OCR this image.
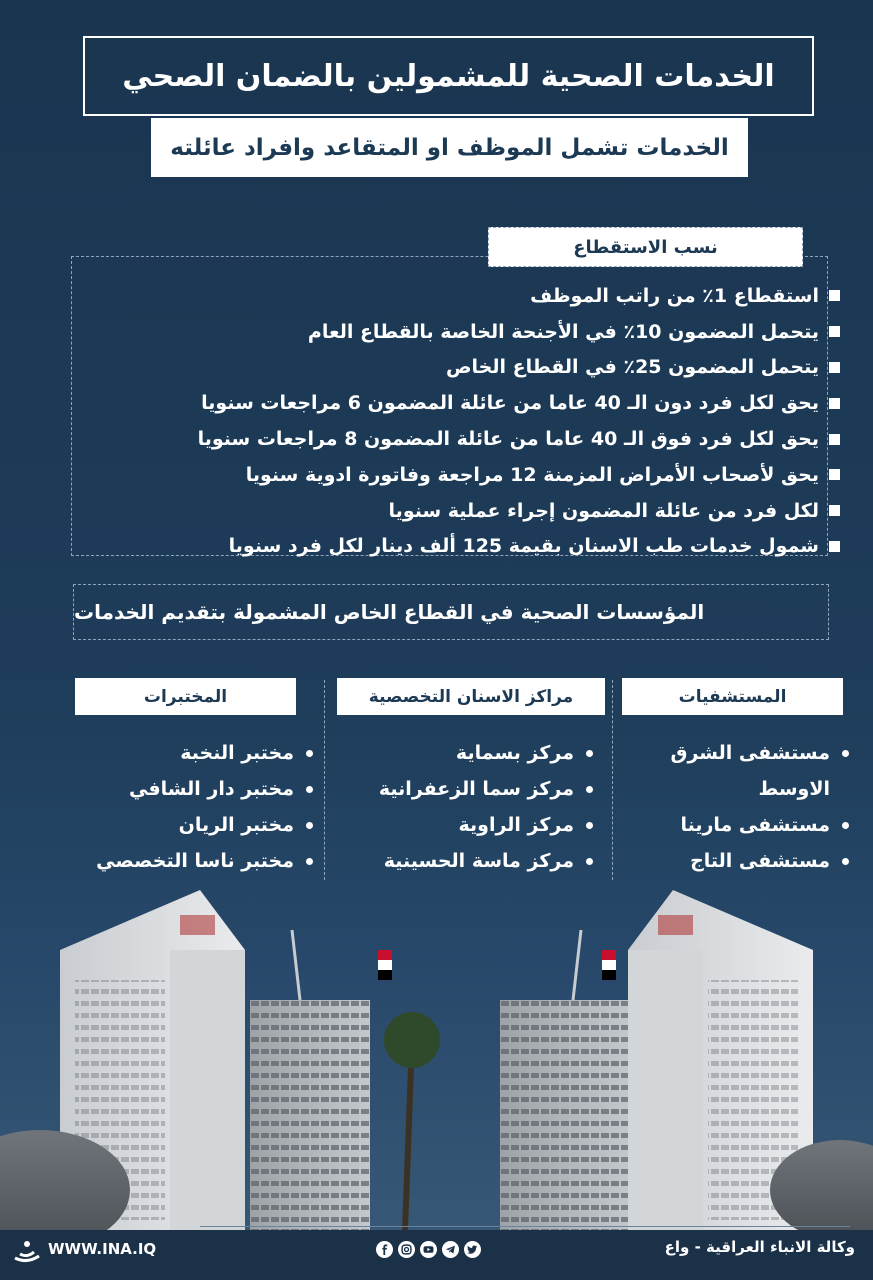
الخدمات الصحية للمشمولين بالضمان الصحي
الخدمات تشمل الموظف او المتقاعد وافراد عائلته
نسب الاستقطاع
استقطاع 1٪ من راتب الموظف
يتحمل المضمون 10٪ في الأجنحة الخاصة بالقطاع العام
يتحمل المضمون 25٪ في القطاع الخاص
يحق لكل فرد دون الـ 40 عاما من عائلة المضمون 6 مراجعات سنويا
يحق لكل فرد فوق الـ 40 عاما من عائلة المضمون 8 مراجعات سنويا
يحق لأصحاب الأمراض المزمنة 12 مراجعة وفاتورة ادوية سنويا
لكل فرد من عائلة المضمون إجراء عملية سنويا
شمول خدمات طب الاسنان بقيمة 125 ألف دينار لكل فرد سنويا
المؤسسات الصحية في القطاع الخاص المشمولة بتقديم الخدمات
المستشفيات
مراكز الاسنان التخصصية
المختبرات
مستشفى الشرق
الاوسط
مستشفى مارينا
مستشفى التاج
مركز بسماية
مركز سما الزعفرانية
مركز الراوية
مركز ماسة الحسينية
مختبر النخبة
مختبر دار الشافي
مختبر الريان
مختبر ناسا التخصصي
WWW.INA.IQ	وكالة الانباء العراقية - واع
